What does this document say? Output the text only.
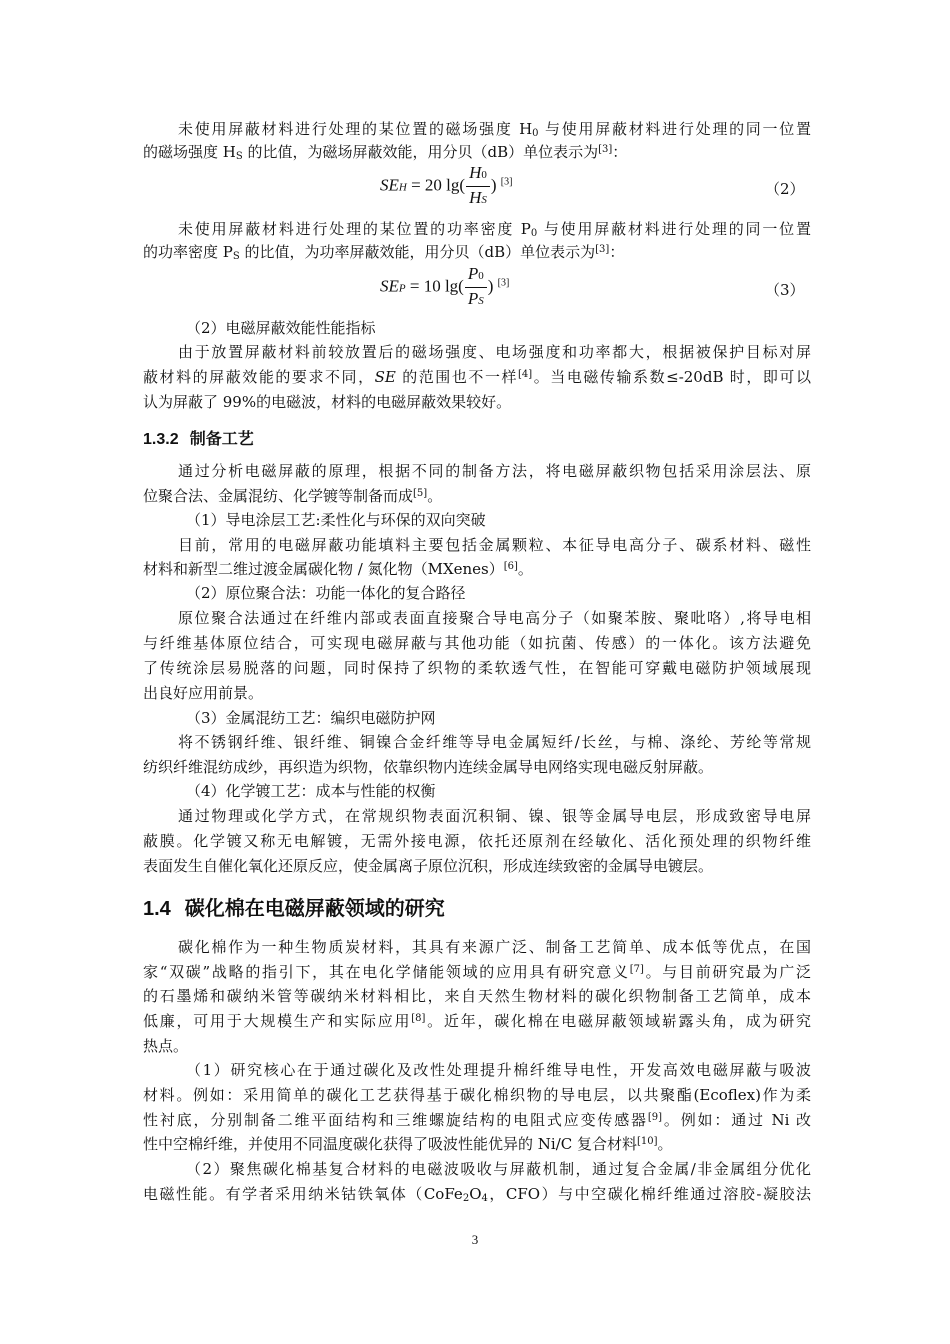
未使用屏蔽材料进行处理的某位置的磁场强度 $H_0$ 与使用屏蔽材料进行处理的同一位置
的磁场强度 $H_S$ 的比值，为磁场屏蔽效能，用分贝（dB）单位表示为[3]：
SEH = 20 $\lg( \frac{H0}{HS}$ ) [3]	（2）
未使用屏蔽材料进行处理的某位置的功率密度 $P_0$ 与使用屏蔽材料进行处理的同一位置
的功率密度 $P_S$ 的比值，为功率屏蔽效能，用分贝（dB）单位表示为[3]：
SEP = 10 $\lg( \frac{P0}{PS}$ ) [3]	（3）
（2）电磁屏蔽效能性能指标
由于放置屏蔽材料前较放置后的磁场强度、电场强度和功率都大，根据被保护目标对屏
蔽材料的屏蔽效能的要求不同，SE 的范围也不一样[4]。当电磁传输系数≤-20dB 时，即可以
认为屏蔽了 99%的电磁波，材料的电磁屏蔽效果较好。
1.3.2 制备工艺
通过分析电磁屏蔽的原理，根据不同的制备方法，将电磁屏蔽织物包括采用涂层法、原
位聚合法、金属混纺、化学镀等制备而成[5]。
（1）导电涂层工艺:柔性化与环保的双向突破
目前，常用的电磁屏蔽功能填料主要包括金属颗粒、本征导电高分子、碳系材料、磁性
材料和新型二维过渡金属碳化物 / 氮化物（MXenes）[6]。
（2）原位聚合法：功能一体化的复合路径
原位聚合法通过在纤维内部或表面直接聚合导电高分子（如聚苯胺、聚吡咯）,将导电相
与纤维基体原位结合，可实现电磁屏蔽与其他功能（如抗菌、传感）的一体化。该方法避免
了传统涂层易脱落的问题，同时保持了织物的柔软透气性，在智能可穿戴电磁防护领域展现
出良好应用前景。
（3）金属混纺工艺：编织电磁防护网
将不锈钢纤维、银纤维、铜镍合金纤维等导电金属短纤/长丝，与棉、涤纶、芳纶等常规
纺织纤维混纺成纱，再织造为织物，依靠织物内连续金属导电网络实现电磁反射屏蔽。
（4）化学镀工艺：成本与性能的权衡
通过物理或化学方式，在常规织物表面沉积铜、镍、银等金属导电层，形成致密导电屏
蔽膜。化学镀又称无电解镀，无需外接电源，依托还原剂在经敏化、活化预处理的织物纤维
表面发生自催化氧化还原反应，使金属离子原位沉积，形成连续致密的金属导电镀层。
1.4 碳化棉在电磁屏蔽领域的研究
碳化棉作为一种生物质炭材料，其具有来源广泛、制备工艺简单、成本低等优点，在国
家“双碳”战略的指引下，其在电化学储能领域的应用具有研究意义[7]。与目前研究最为广泛
的石墨烯和碳纳米管等碳纳米材料相比，来自天然生物材料的碳化织物制备工艺简单，成本
低廉，可用于大规模生产和实际应用[8]。近年，碳化棉在电磁屏蔽领域崭露头角，成为研究
热点。
（1）研究核心在于通过碳化及改性处理提升棉纤维导电性，开发高效电磁屏蔽与吸波
材料。例如：采用简单的碳化工艺获得基于碳化棉织物的导电层，以共聚酯(Ecoflex)作为柔
性衬底，分别制备二维平面结构和三维螺旋结构的电阻式应变传感器[9]。例如：通过 Ni 改
性中空棉纤维，并使用不同温度碳化获得了吸波性能优异的 Ni/C 复合材料[10]。
（2）聚焦碳化棉基复合材料的电磁波吸收与屏蔽机制，通过复合金属/非金属组分优化
电磁性能。有学者采用纳米钴铁氧体（$CoFe_2O_4$，CFO）与中空碳化棉纤维通过溶胶-凝胶法
3
